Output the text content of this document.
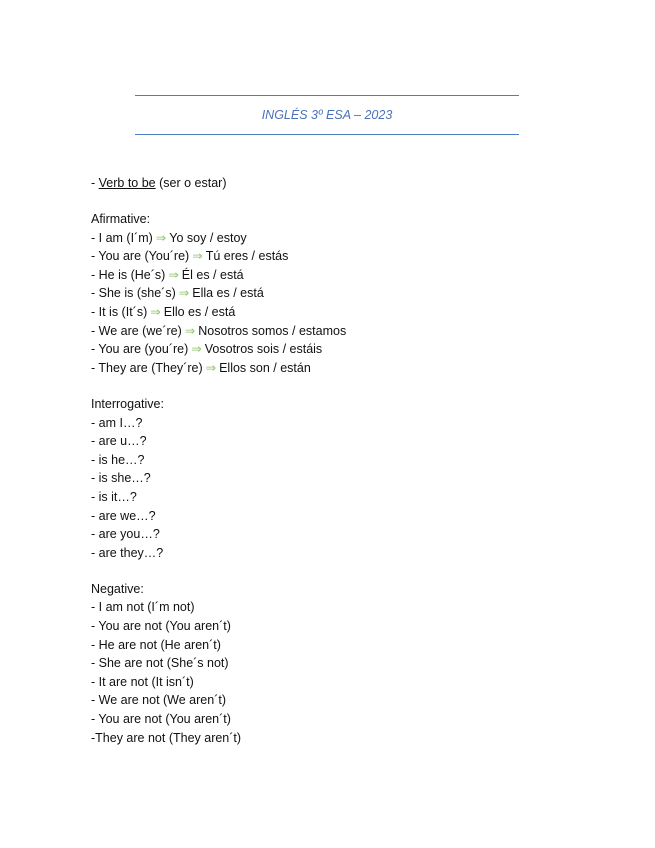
INGLÉS 3º ESA – 2023
- Verb to be (ser o estar)
Afirmative:
- I am (I´m) ⇒ Yo soy / estoy
- You are (You´re) ⇒ Tú eres / estás
- He is (He´s) ⇒ Él es / está
- She is (she´s) ⇒ Ella es / está
- It is (It´s) ⇒ Ello es / está
- We are (we´re) ⇒ Nosotros somos / estamos
- You are (you´re) ⇒ Vosotros sois / estáis
- They are (They´re) ⇒ Ellos son / están
Interrogative:
- am I…?
- are u…?
- is he…?
- is she…?
- is it…?
- are we…?
- are you…?
- are they…?
Negative:
- I am not (I´m not)
- You are not (You aren´t)
- He are not (He aren´t)
- She are not (She´s not)
- It are not (It isn´t)
- We are not (We aren´t)
- You are not (You aren´t)
-They are not (They aren´t)
